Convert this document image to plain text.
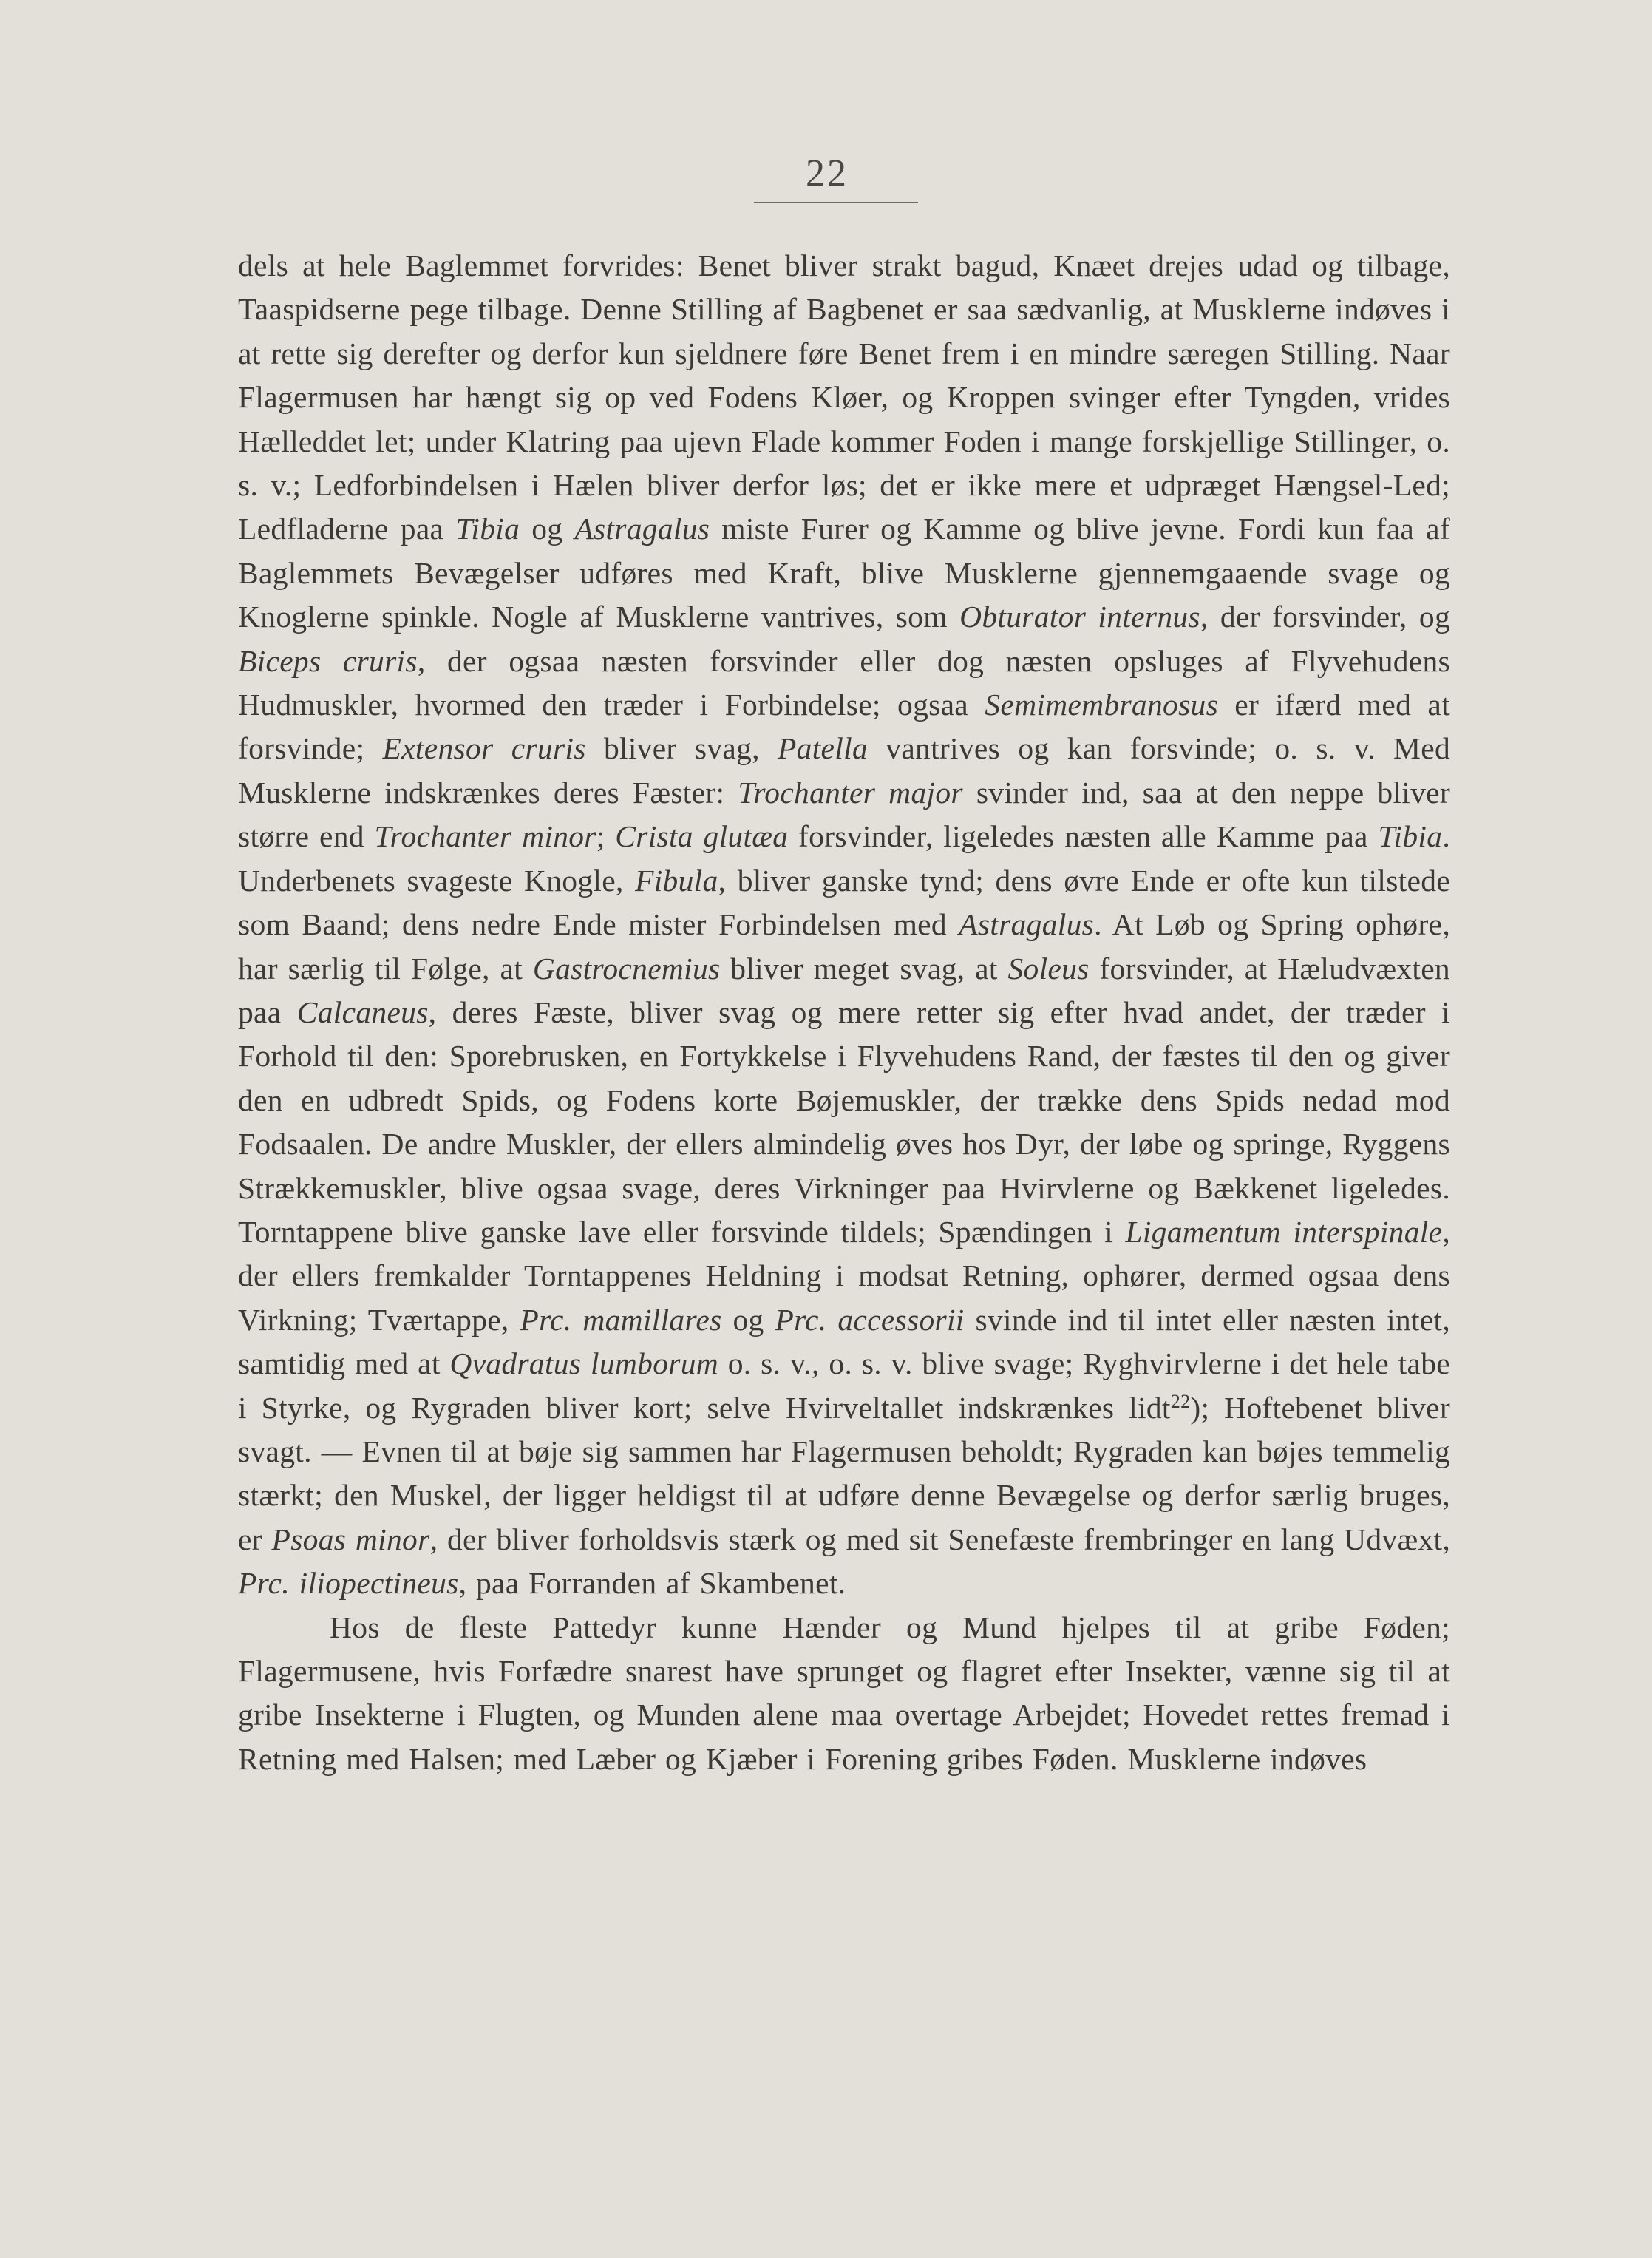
22

dels at hele Baglemmet forvrides: Benet bliver strakt bagud, Knæet drejes udad og tilbage, Taaspidserne pege tilbage. Denne Stilling af Bagbenet er saa sædvanlig, at Musklerne indøves i at rette sig derefter og derfor kun sjeldnere føre Benet frem i en mindre særegen Stilling. Naar Flagermusen har hængt sig op ved Fodens Kløer, og Kroppen svinger efter Tyngden, vrides Hælleddet let; under Klatring paa ujevn Flade kommer Foden i mange forskjellige Stillinger, o. s. v.; Ledforbindelsen i Hælen bliver derfor løs; det er ikke mere et udpræget Hængsel-Led; Ledfladerne paa Tibia og Astragalus miste Furer og Kamme og blive jevne. Fordi kun faa af Baglemmets Bevægelser udføres med Kraft, blive Musklerne gjennemgaaende svage og Knoglerne spinkle. Nogle af Musklerne vantrives, som Obturator internus, der forsvinder, og Biceps cruris, der ogsaa næsten forsvinder eller dog næsten opsluges af Flyvehudens Hudmuskler, hvormed den træder i Forbindelse; ogsaa Semimembranosus er ifærd med at forsvinde; Extensor cruris bliver svag, Patella vantrives og kan forsvinde; o. s. v. Med Musklerne indskrænkes deres Fæster: Trochanter major svinder ind, saa at den neppe bliver større end Trochanter minor; Crista glutæa forsvinder, ligeledes næsten alle Kamme paa Tibia. Underbenets svageste Knogle, Fibula, bliver ganske tynd; dens øvre Ende er ofte kun tilstede som Baand; dens nedre Ende mister Forbindelsen med Astragalus. At Løb og Spring ophøre, har særlig til Følge, at Gastrocnemius bliver meget svag, at Soleus forsvinder, at Hæludvæxten paa Calcaneus, deres Fæste, bliver svag og mere retter sig efter hvad andet, der træder i Forhold til den: Sporebrusken, en Fortykkelse i Flyvehudens Rand, der fæstes til den og giver den en udbredt Spids, og Fodens korte Bøjemuskler, der trække dens Spids nedad mod Fodsaalen. De andre Muskler, der ellers almindelig øves hos Dyr, der løbe og springe, Ryggens Strækkemuskler, blive ogsaa svage, deres Virkninger paa Hvirvlerne og Bækkenet ligeledes. Torntappene blive ganske lave eller forsvinde tildels; Spændingen i Ligamentum interspinale, der ellers fremkalder Torntappenes Heldning i modsat Retning, ophører, dermed ogsaa dens Virkning; Tværtappe, Prc. mamillares og Prc. accessorii svinde ind til intet eller næsten intet, samtidig med at Qvadratus lumborum o. s. v., o. s. v. blive svage; Ryghvirvlerne i det hele tabe i Styrke, og Rygraden bliver kort; selve Hvirveltallet indskrænkes lidt$^{22}$); Hoftebenet bliver svagt. — Evnen til at bøje sig sammen har Flagermusen beholdt; Rygraden kan bøjes temmelig stærkt; den Muskel, der ligger heldigst til at udføre denne Bevægelse og derfor særlig bruges, er Psoas minor, der bliver forholdsvis stærk og med sit Senefæste frembringer en lang Udvæxt, Prc. iliopectineus, paa Forranden af Skambenet.

Hos de fleste Pattedyr kunne Hænder og Mund hjelpes til at gribe Føden; Flagermusene, hvis Forfædre snarest have sprunget og flagret efter Insekter, vænne sig til at gribe Insekterne i Flugten, og Munden alene maa overtage Arbejdet; Hovedet rettes fremad i Retning med Halsen; med Læber og Kjæber i Forening gribes Føden. Musklerne indøves
